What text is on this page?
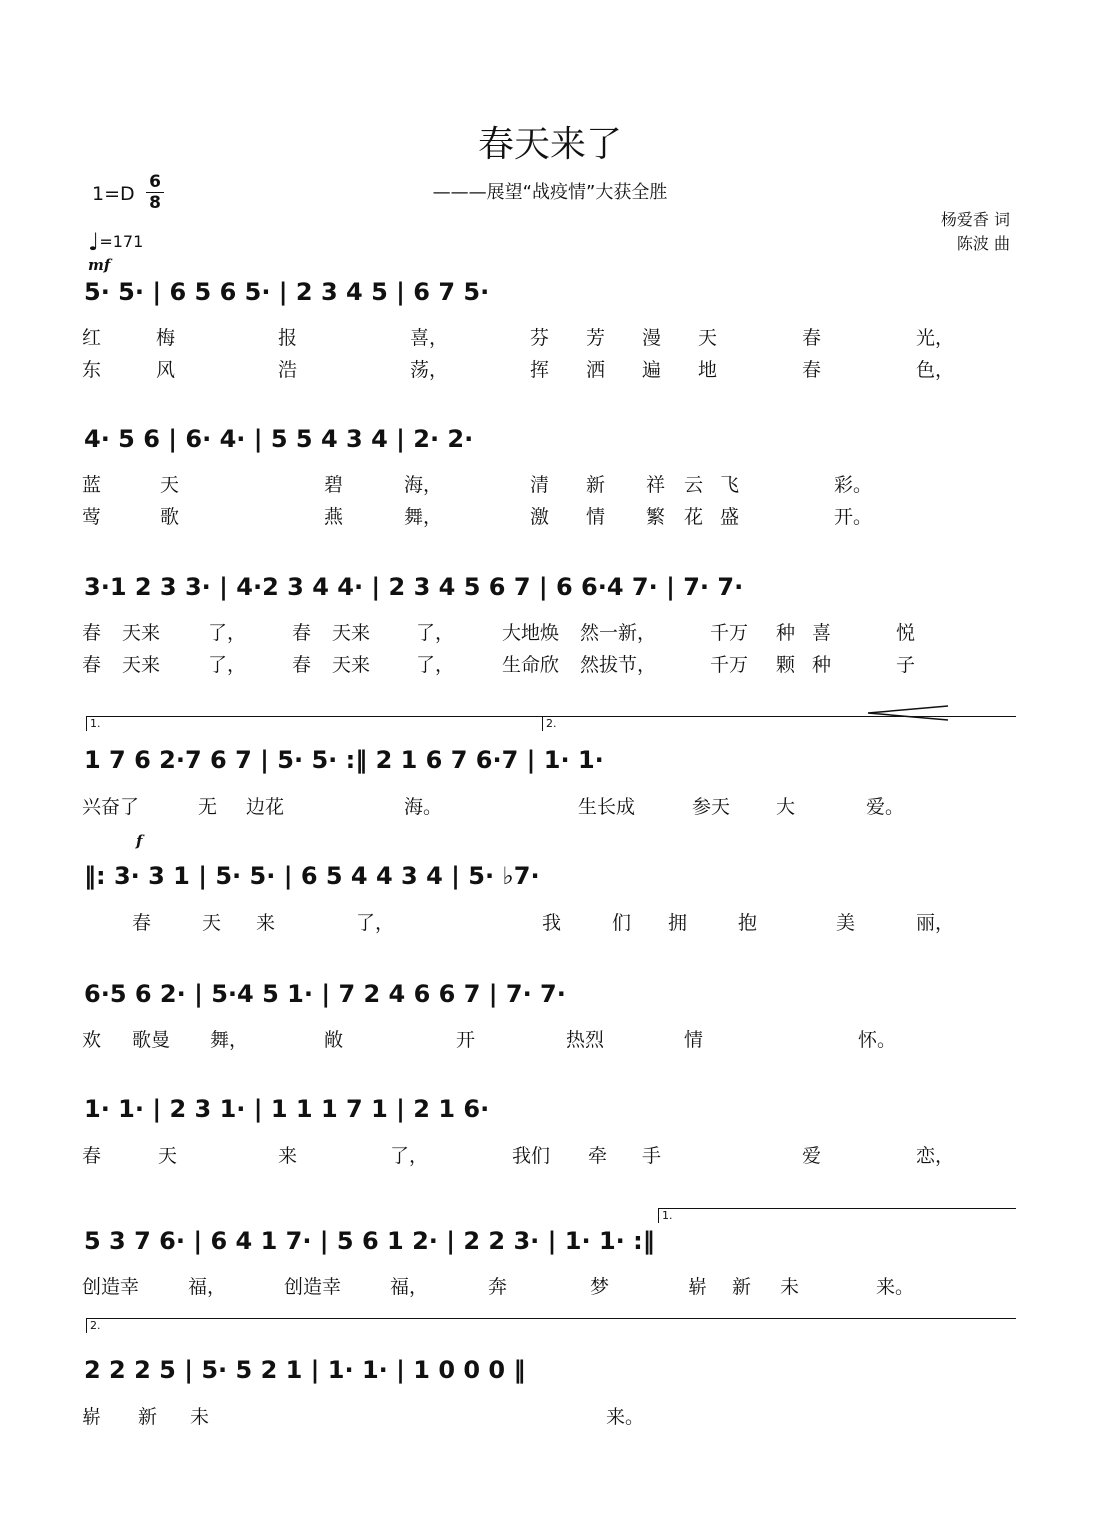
春天来了
———展望“战疫情”大获全胜
杨爱香 词
陈波 曲
1=D
6
8
♩=171
mf
f
5· 5· | 6 5 6 5· | 2 3 4 5 | 6 7 5·
红	梅	报	喜，	芬 芳 漫 天	春	光，
东	风	浩	荡，	挥 洒 遍 地	春	色，
4· 5 6 | 6· 4· | 5 5 4 3 4 | 2· 2·
蓝	天	碧	海，	清 新 祥 云 飞	彩。
莺	歌	燕	舞，	激 情 繁 花 盛	开。
3·1 2 3 3· | 4·2 3 4 4· | 2 3 4 5 6 7 | 6 6·4 7· | 7· 7·
春 天来	了， 春 天来 了，	大地焕 然一新，	千万 种 喜	悦
春 天来	了， 春 天来 了，	生命欣 然拔节，	千万 颗 种	子
1.	2.
1 7 6 2·7 6 7 | 5· 5· :‖ 2 1 6 7 6·7 | 1· 1·
兴奋了	无 边花	海。	生长成	参天 大	爱。
‖: 3· 3 1 | 5· 5· | 6 5 4 4 3 4 | 5· ♭7·
春	天 来	了，	我	们 拥	抱	美	丽，
6·5 6 2· | 5·4 5 1· | 7 2 4 6 6 7 | 7· 7·
欢 歌曼 舞，	敞	开	热烈	情	怀。
1· 1· | 2 3 1· | 1 1 1 7 1 | 2 1 6·
春	天	来	了，	我们 牵 手	爱	恋，
1.
5 3 7 6· | 6 4 1 7· | 5 6 1 2· | 2 2 3· | 1· 1· :‖
创造幸	福，	创造幸	福，	奔	梦	崭 新 未	来。
2.
2 2 2 5 | 5· 5 2 1 | 1· 1· | 1 0 0 0 ‖
崭 新 未	来。
